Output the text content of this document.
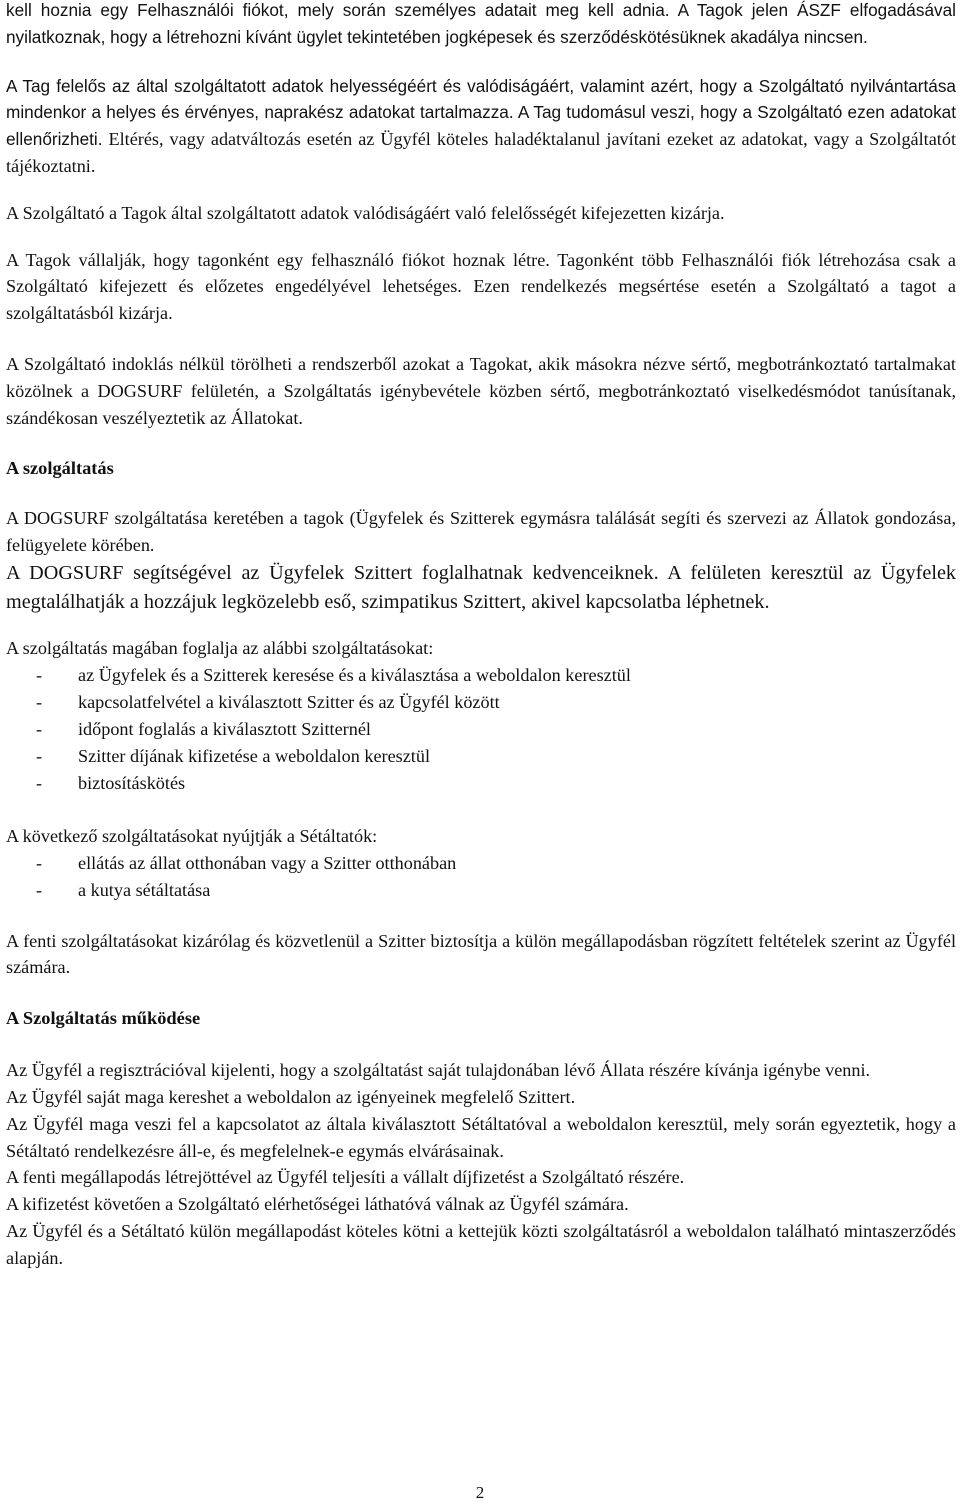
kell hoznia egy Felhasználói fiókot, mely során személyes adatait meg kell adnia. A Tagok jelen ÁSZF elfogadásával nyilatkoznak, hogy a létrehozni kívánt ügylet tekintetében jogképesek és szerződéskötésüknek akadálya nincsen.

A Tag felelős az által szolgáltatott adatok helyességéért és valódiságáért, valamint azért, hogy a Szolgáltató nyilvántartása mindenkor a helyes és érvényes, naprakész adatokat tartalmazza. A Tag tudomásul veszi, hogy a Szolgáltató ezen adatokat ellenőrizheti. Eltérés, vagy adatváltozás esetén az Ügyfél köteles haladéktalanul javítani ezeket az adatokat, vagy a Szolgáltatót tájékoztatni.

A Szolgáltató a Tagok által szolgáltatott adatok valódiságáért való felelősségét kifejezetten kizárja.

A Tagok vállalják, hogy tagonként egy felhasználó fiókot hoznak létre. Tagonként több Felhasználói fiók létrehozása csak a Szolgáltató kifejezett és előzetes engedélyével lehetséges. Ezen rendelkezés megsértése esetén a Szolgáltató a tagot a szolgáltatásból kizárja.

A Szolgáltató indoklás nélkül törölheti a rendszerből azokat a Tagokat, akik másokra nézve sértő, megbotránkoztató tartalmakat közölnek a DOGSURF felületén, a Szolgáltatás igénybevétele közben sértő, megbotránkoztató viselkedésmódot tanúsítanak, szándékosan veszélyeztetik az Állatokat.

A szolgáltatás

A DOGSURF szolgáltatása keretében a tagok (Ügyfelek és Szitterek egymásra találását segíti és szervezi az Állatok gondozása, felügyelete körében.

A DOGSURF segítségével az Ügyfelek Szittert foglalhatnak kedvenceiknek. A felületen keresztül az Ügyfelek megtalálhatják a hozzájuk legközelebb eső, szimpatikus Szittert, akivel kapcsolatba léphetnek.

A szolgáltatás magában foglalja az alábbi szolgáltatásokat:

- az Ügyfelek és a Szitterek keresése és a kiválasztása a weboldalon keresztül
- kapcsolatfelvétel a kiválasztott Szitter és az Ügyfél között
- időpont foglalás a kiválasztott Szitternél
- Szitter díjának kifizetése a weboldalon keresztül
- biztosításkötés

A következő szolgáltatásokat nyújtják a Sétáltatók:

- ellátás az állat otthonában vagy a Szitter otthonában
- a kutya sétáltatása

A fenti szolgáltatásokat kizárólag és közvetlenül a Szitter biztosítja a külön megállapodásban rögzített feltételek szerint az Ügyfél számára.

A Szolgáltatás működése

Az Ügyfél a regisztrációval kijelenti, hogy a szolgáltatást saját tulajdonában lévő Állata részére kívánja igénybe venni.

Az Ügyfél saját maga kereshet a weboldalon az igényeinek megfelelő Szittert.

Az Ügyfél maga veszi fel a kapcsolatot az általa kiválasztott Sétáltatóval a weboldalon keresztül, mely során egyeztetik, hogy a Sétáltató rendelkezésre áll-e, és megfelelnek-e egymás elvárásainak.

A fenti megállapodás létrejöttével az Ügyfél teljesíti a vállalt díjfizetést a Szolgáltató részére.

A kifizetést követően a Szolgáltató elérhetőségei láthatóvá válnak az Ügyfél számára.

Az Ügyfél és a Sétáltató külön megállapodást köteles kötni a kettejük közti szolgáltatásról a weboldalon található mintaszerződés alapján.

2
